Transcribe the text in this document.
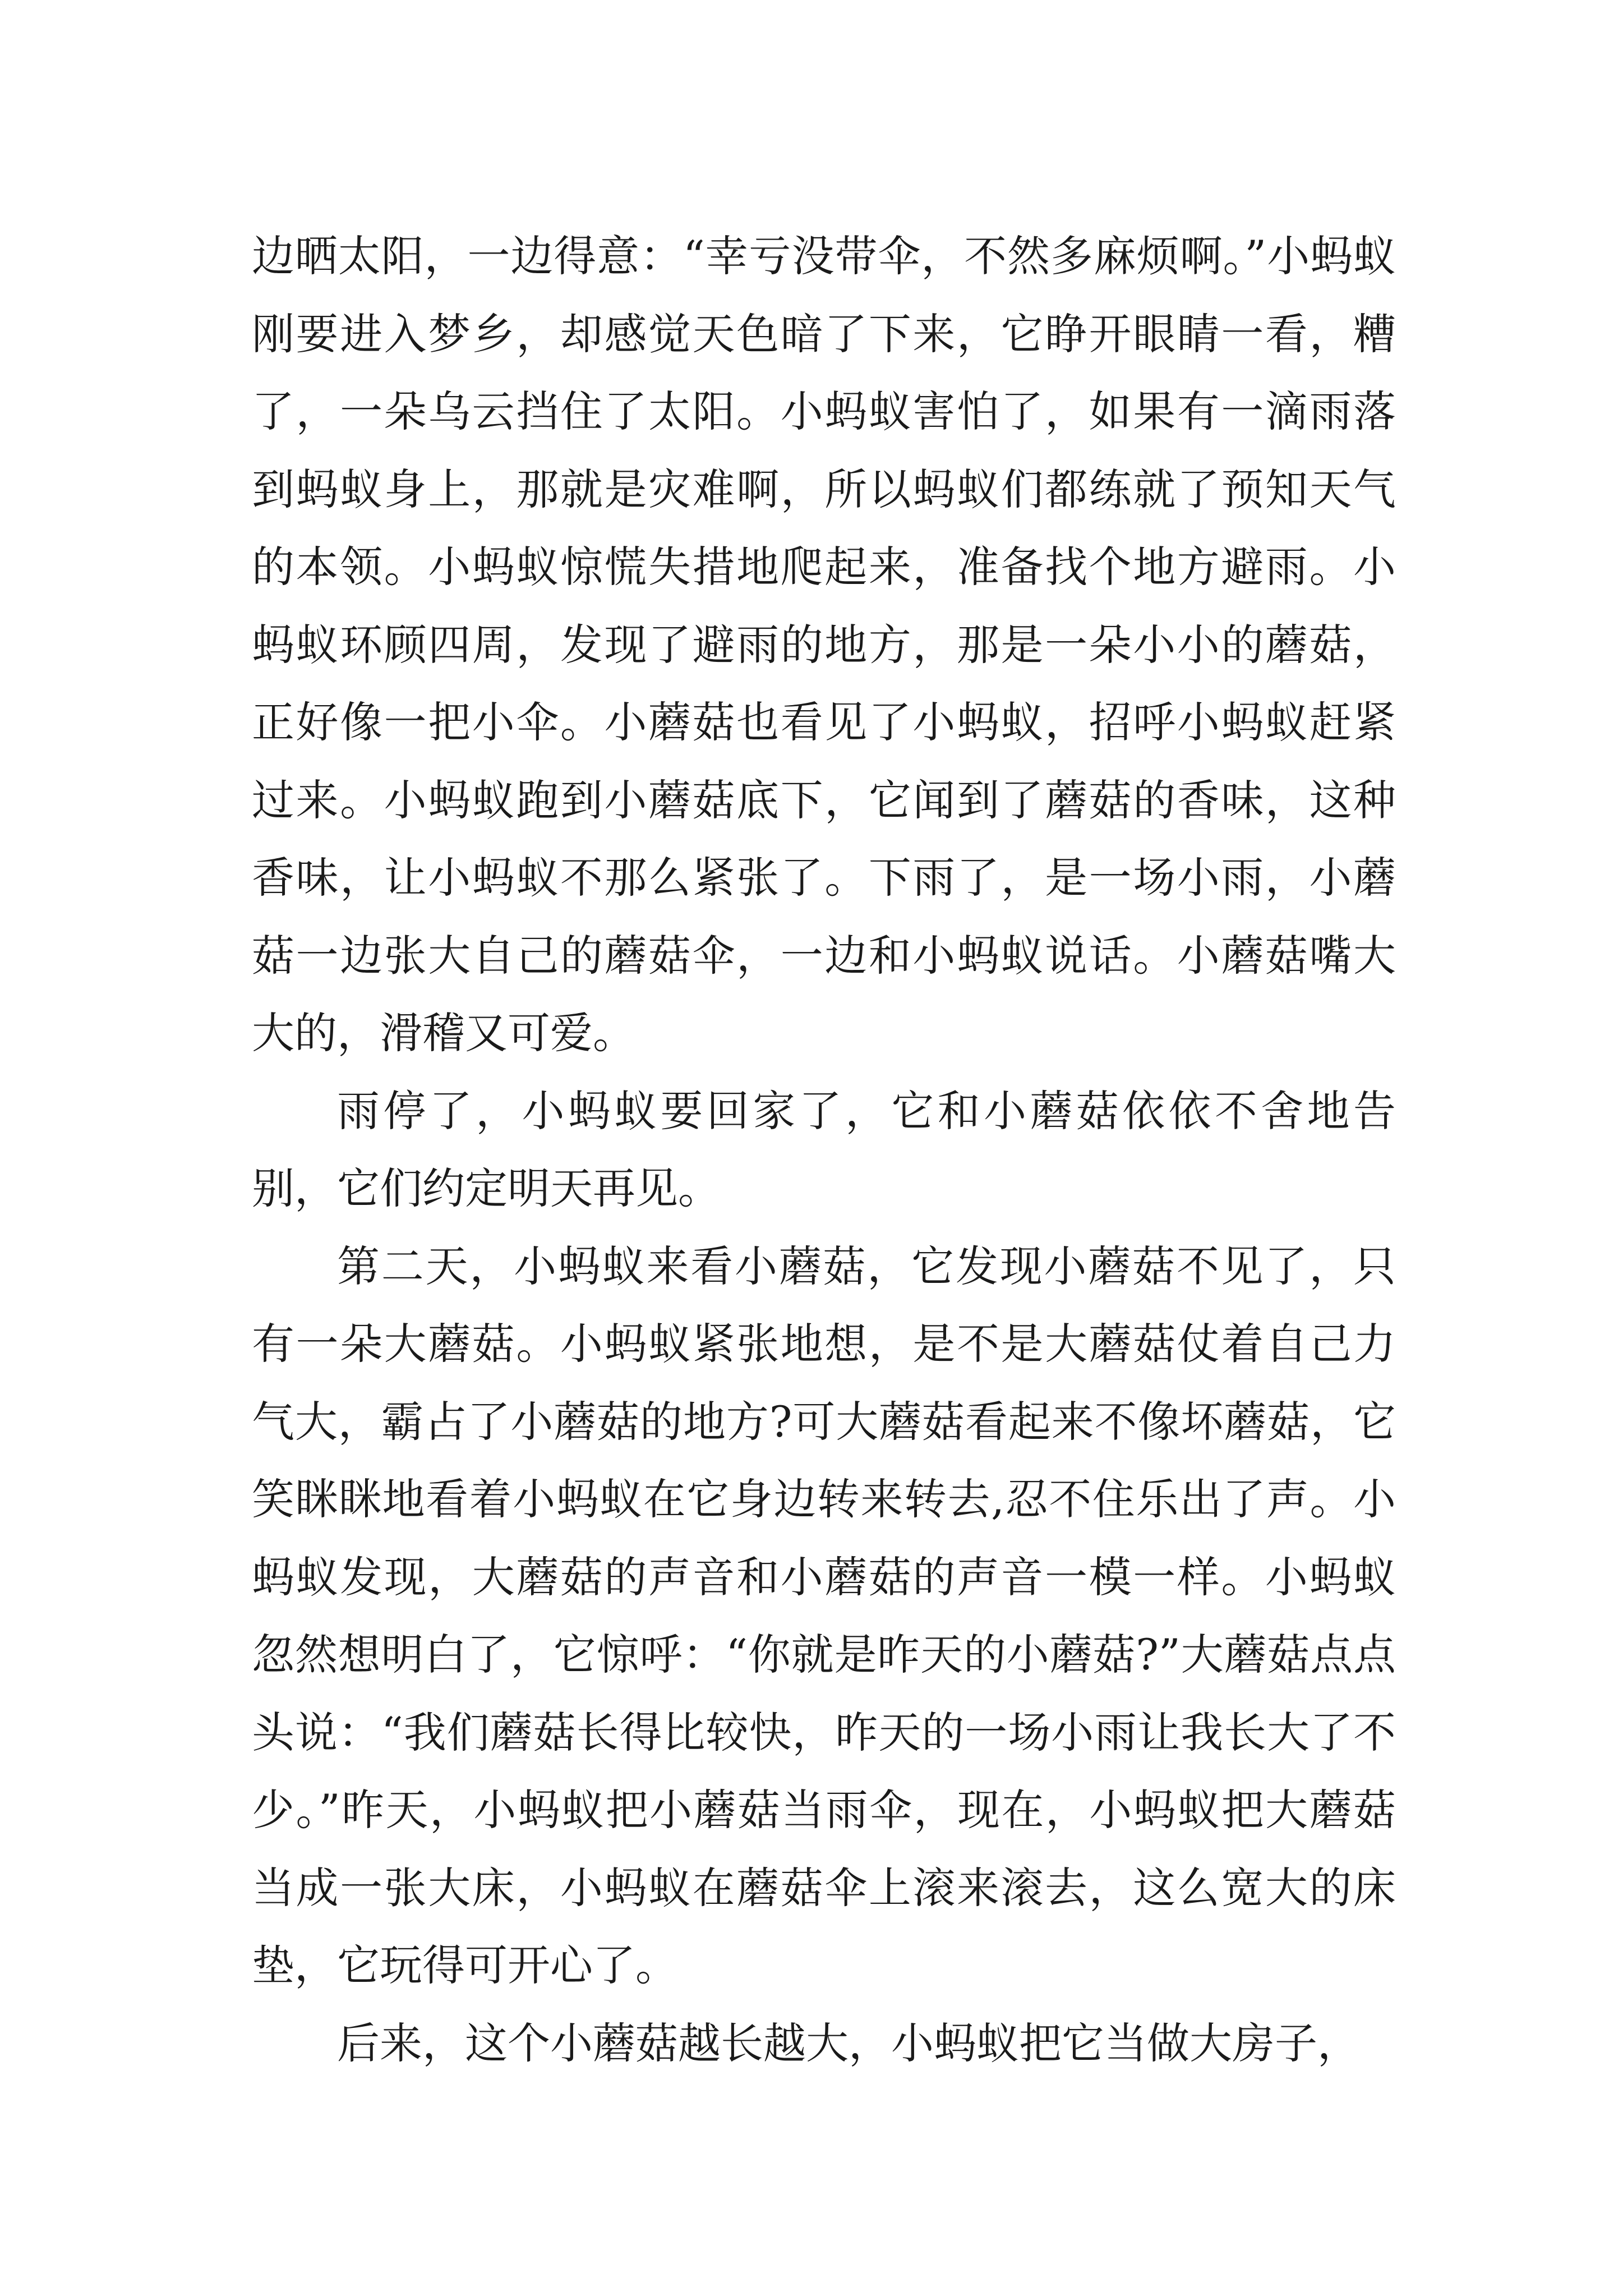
边晒太阳，一边得意：“幸亏没带伞，不然多麻烦啊。”小蚂蚁刚要进入梦乡，却感觉天色暗了下来，它睁开眼睛一看，糟了，一朵乌云挡住了太阳。小蚂蚁害怕了，如果有一滴雨落到蚂蚁身上，那就是灾难啊，所以蚂蚁们都练就了预知天气的本领。小蚂蚁惊慌失措地爬起来，准备找个地方避雨。小蚂蚁环顾四周，发现了避雨的地方，那是一朵小小的蘑菇，正好像一把小伞。小蘑菇也看见了小蚂蚁，招呼小蚂蚁赶紧过来。小蚂蚁跑到小蘑菇底下，它闻到了蘑菇的香味，这种香味，让小蚂蚁不那么紧张了。下雨了，是一场小雨，小蘑菇一边张大自己的蘑菇伞，一边和小蚂蚁说话。小蘑菇嘴大大的，滑稽又可爱。

雨停了，小蚂蚁要回家了，它和小蘑菇依依不舍地告别，它们约定明天再见。

第二天，小蚂蚁来看小蘑菇，它发现小蘑菇不见了，只有一朵大蘑菇。小蚂蚁紧张地想，是不是大蘑菇仗着自己力气大，霸占了小蘑菇的地方?可大蘑菇看起来不像坏蘑菇，它笑眯眯地看着小蚂蚁在它身边转来转去,忍不住乐出了声。小蚂蚁发现，大蘑菇的声音和小蘑菇的声音一模一样。小蚂蚁忽然想明白了，它惊呼：“你就是昨天的小蘑菇?”大蘑菇点点头说：“我们蘑菇长得比较快，昨天的一场小雨让我长大了不少。”昨天，小蚂蚁把小蘑菇当雨伞，现在，小蚂蚁把大蘑菇当成一张大床，小蚂蚁在蘑菇伞上滚来滚去，这么宽大的床垫，它玩得可开心了。

后来，这个小蘑菇越长越大，小蚂蚁把它当做大房子，
